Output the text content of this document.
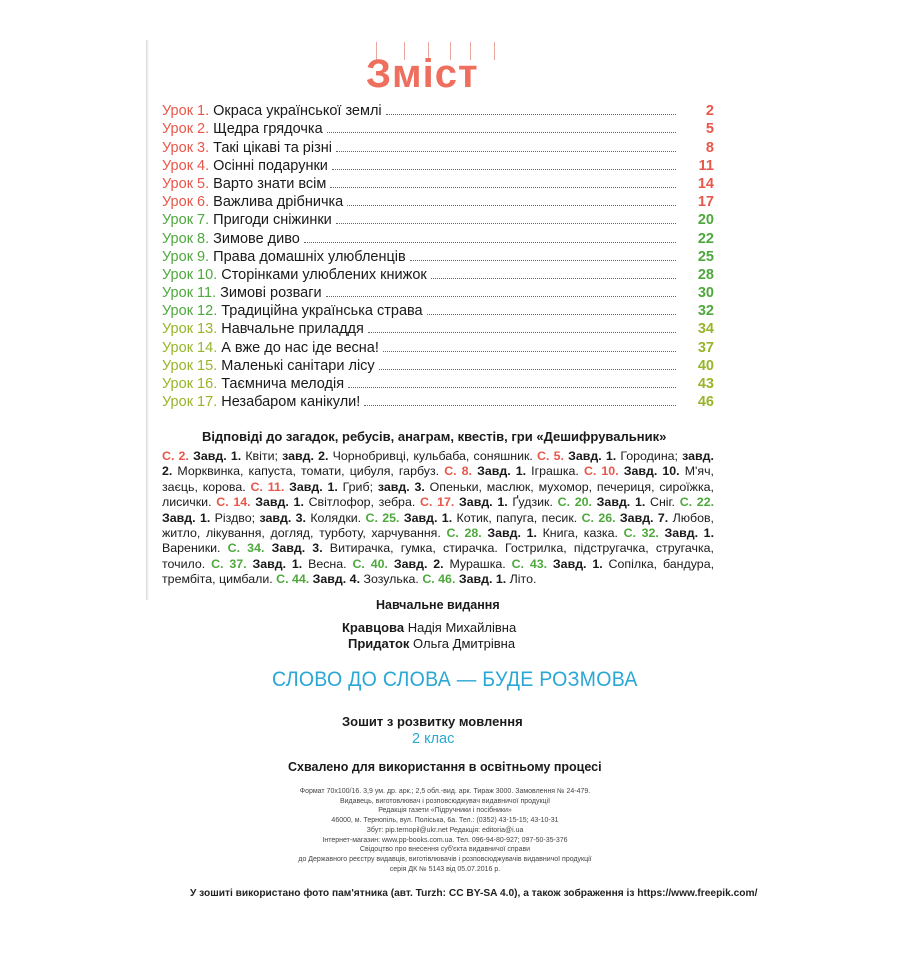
Зміст
Урок 1. Окраса української землі	2
Урок 2. Щедра грядочка	5
Урок 3. Такі цікаві та різні	8
Урок 4. Осінні подарунки	11
Урок 5. Варто знати всім	14
Урок 6. Важлива дрібничка	17
Урок 7. Пригоди сніжинки	20
Урок 8. Зимове диво	22
Урок 9. Права домашніх улюбленців	25
Урок 10. Сторінками улюблених книжок	28
Урок 11. Зимові розваги	30
Урок 12. Традиційна українська страва	32
Урок 13. Навчальне приладдя	34
Урок 14. А вже до нас іде весна!	37
Урок 15. Маленькі санітари лісу	40
Урок 16. Таємнича мелодія	43
Урок 17. Незабаром канікули!	46
Відповіді до загадок, ребусів, анаграм, квестів, гри «Дешифрувальник»
С. 2. Завд. 1. Квіти; завд. 2. Чорнобривці, кульбаба, соняшник. С. 5. Завд. 1. Городина; завд. 2. Морквинка, капуста, томати, цибуля, гарбуз. С. 8. Завд. 1. Іграшка. С. 10. Завд. 10. М'яч, заєць, корова. С. 11. Завд. 1. Гриб; завд. 3. Опеньки, маслюк, мухомор, печериця, сироїжка, лисички. С. 14. Завд. 1. Світлофор, зебра. С. 17. Завд. 1. Ґудзик. С. 20. Завд. 1. Сніг. С. 22. Завд. 1. Різдво; завд. 3. Колядки. С. 25. Завд. 1. Котик, папуга, песик. С. 26. Завд. 7. Любов, житло, лікування, догляд, турботу, харчування. С. 28. Завд. 1. Книга, казка. С. 32. Завд. 1. Вареники. С. 34. Завд. 3. Витирачка, гумка, стирачка. Гострилка, підстругачка, стругачка, точило. С. 37. Завд. 1. Весна. С. 40. Завд. 2. Мурашка. С. 43. Завд. 1. Сопілка, бандура, трембіта, цимбали. С. 44. Завд. 4. Зозулька. С. 46. Завд. 1. Літо.
Навчальне видання
Кравцова Надія Михайлівна
Придаток Ольга Дмитрівна
СЛОВО ДО СЛОВА — БУДЕ РОЗМОВА
Зошит з розвитку мовлення
2 клас
Схвалено для використання в освітньому процесі
Формат 70х100/16. 3,9 ум. др. арк.; 2,5 обл.-вид. арк. Тираж 3000. Замовлення № 24-479.
Видавець, виготовлювач і розповсюджувач видавничої продукції
Редакція газети «Підручники і посібники»
46000, м. Тернопіль, вул. Поліська, 6а. Тел.: (0352) 43-15-15; 43-10-31
Збут: pip.ternopil@ukr.net Редакція: editoria@i.ua
Інтернет-магазин: www.pp-books.com.ua. Тел. 096-94-80-927; 097-50-35-376
Свідоцтво про внесення суб'єкта видавничої справи
до Державного реєстру видавців, виготівлювачів і розповсюджувачів видавничої продукції
серія ДК № 5143 від 05.07.2016 р.
У зошиті використано фото пам'ятника (авт. Turzh: CC BY-SA 4.0), а також зображення із https://www.freepik.com/
